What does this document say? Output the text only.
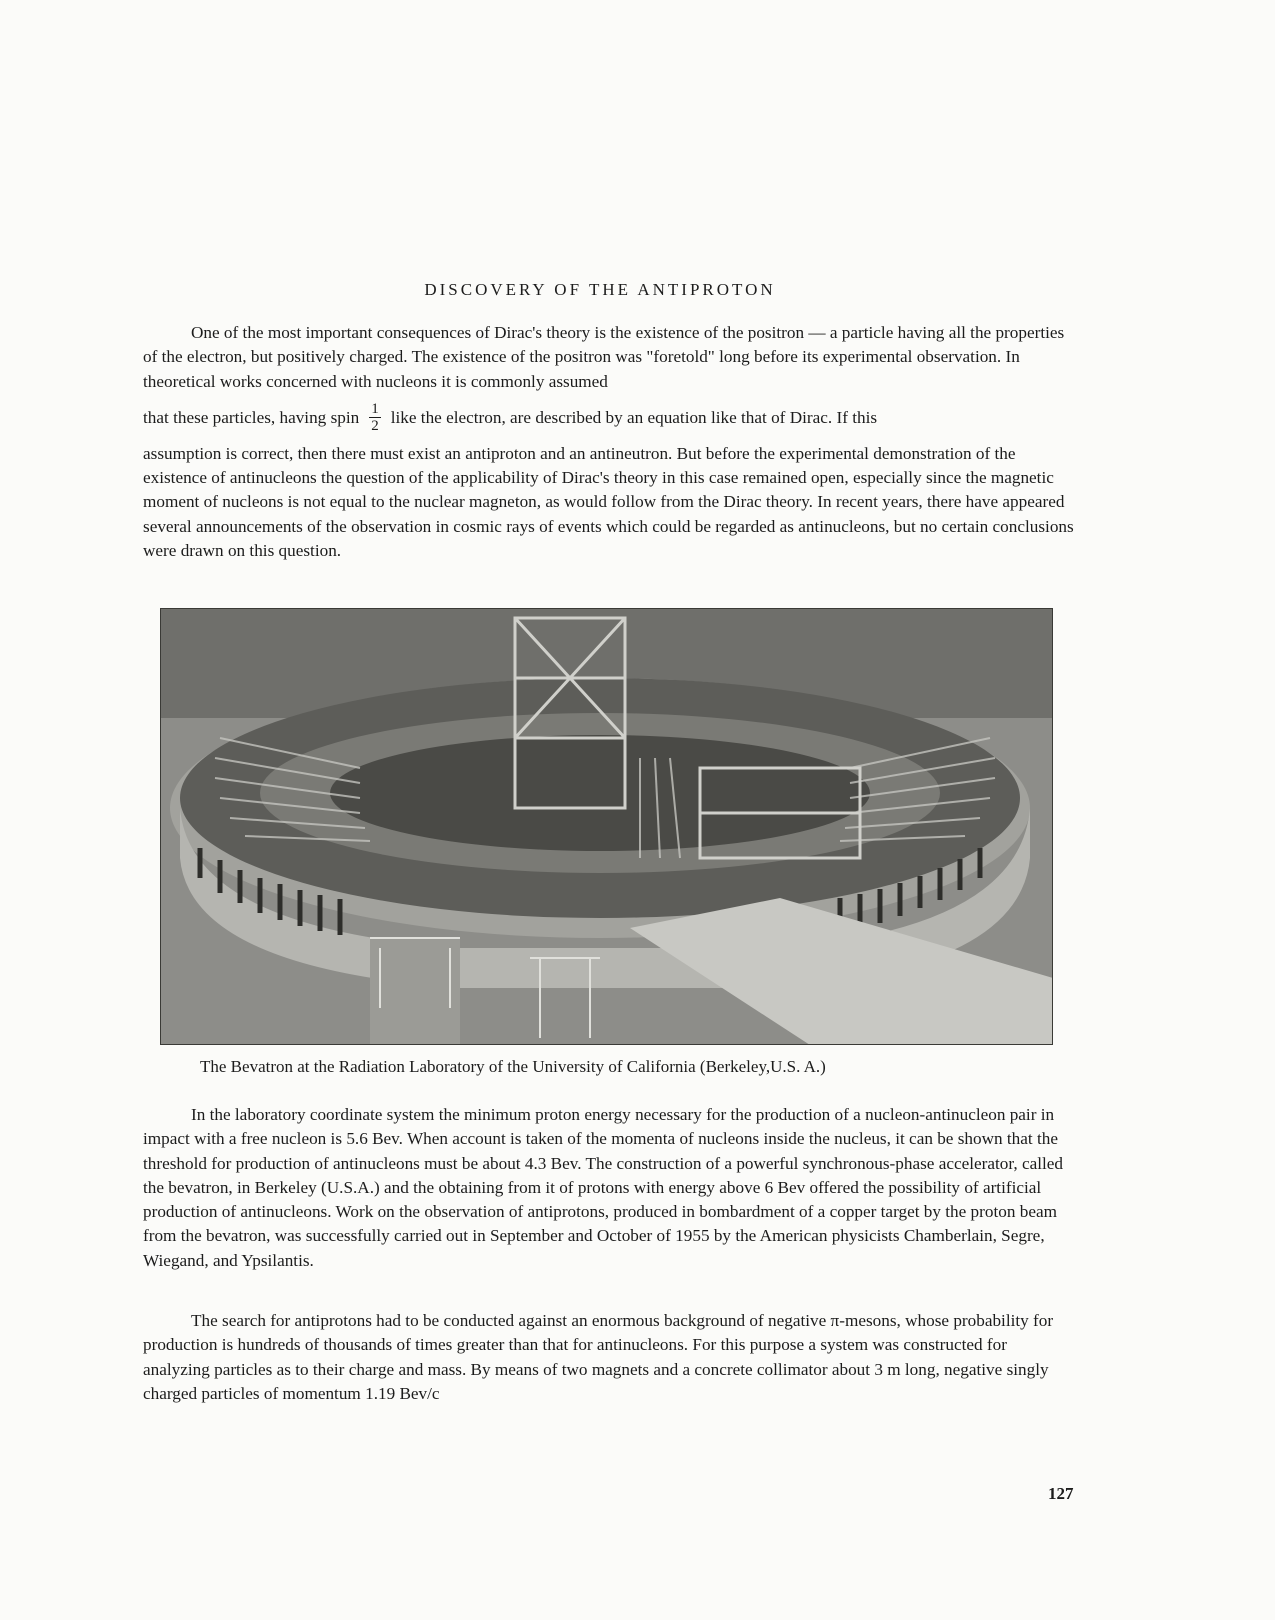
DISCOVERY OF THE ANTIPROTON

One of the most important consequences of Dirac's theory is the existence of the positron — a particle having all the properties of the electron, but positively charged. The existence of the positron was "foretold" long before its experimental observation. In theoretical works concerned with nucleons it is commonly assumed

that these particles, having spin $\frac{1}{2}$ like the electron, are described by an equation like that of Dirac. If this

assumption is correct, then there must exist an antiproton and an antineutron. But before the experimental demonstration of the existence of antinucleons the question of the applicability of Dirac's theory in this case remained open, especially since the magnetic moment of nucleons is not equal to the nuclear magneton, as would follow from the Dirac theory. In recent years, there have appeared several announcements of the observation in cosmic rays of events which could be regarded as antinucleons, but no certain conclusions were drawn on this question.

The Bevatron at the Radiation Laboratory of the University of California (Berkeley,U.S. A.)

In the laboratory coordinate system the minimum proton energy necessary for the production of a nucleon-antinucleon pair in impact with a free nucleon is 5.6 Bev. When account is taken of the momenta of nucleons inside the nucleus, it can be shown that the threshold for production of antinucleons must be about 4.3 Bev. The construction of a powerful synchronous-phase accelerator, called the bevatron, in Berkeley (U.S.A.) and the obtaining from it of protons with energy above 6 Bev offered the possibility of artificial production of antinucleons. Work on the observation of antiprotons, produced in bombardment of a copper target by the proton beam from the bevatron, was successfully carried out in September and October of 1955 by the American physicists Chamberlain, Segre, Wiegand, and Ypsilantis.

The search for antiprotons had to be conducted against an enormous background of negative π-mesons, whose probability for production is hundreds of thousands of times greater than that for antinucleons. For this purpose a system was constructed for analyzing particles as to their charge and mass. By means of two magnets and a concrete collimator about 3 m long, negative singly charged particles of momentum 1.19 Bev/c

127
